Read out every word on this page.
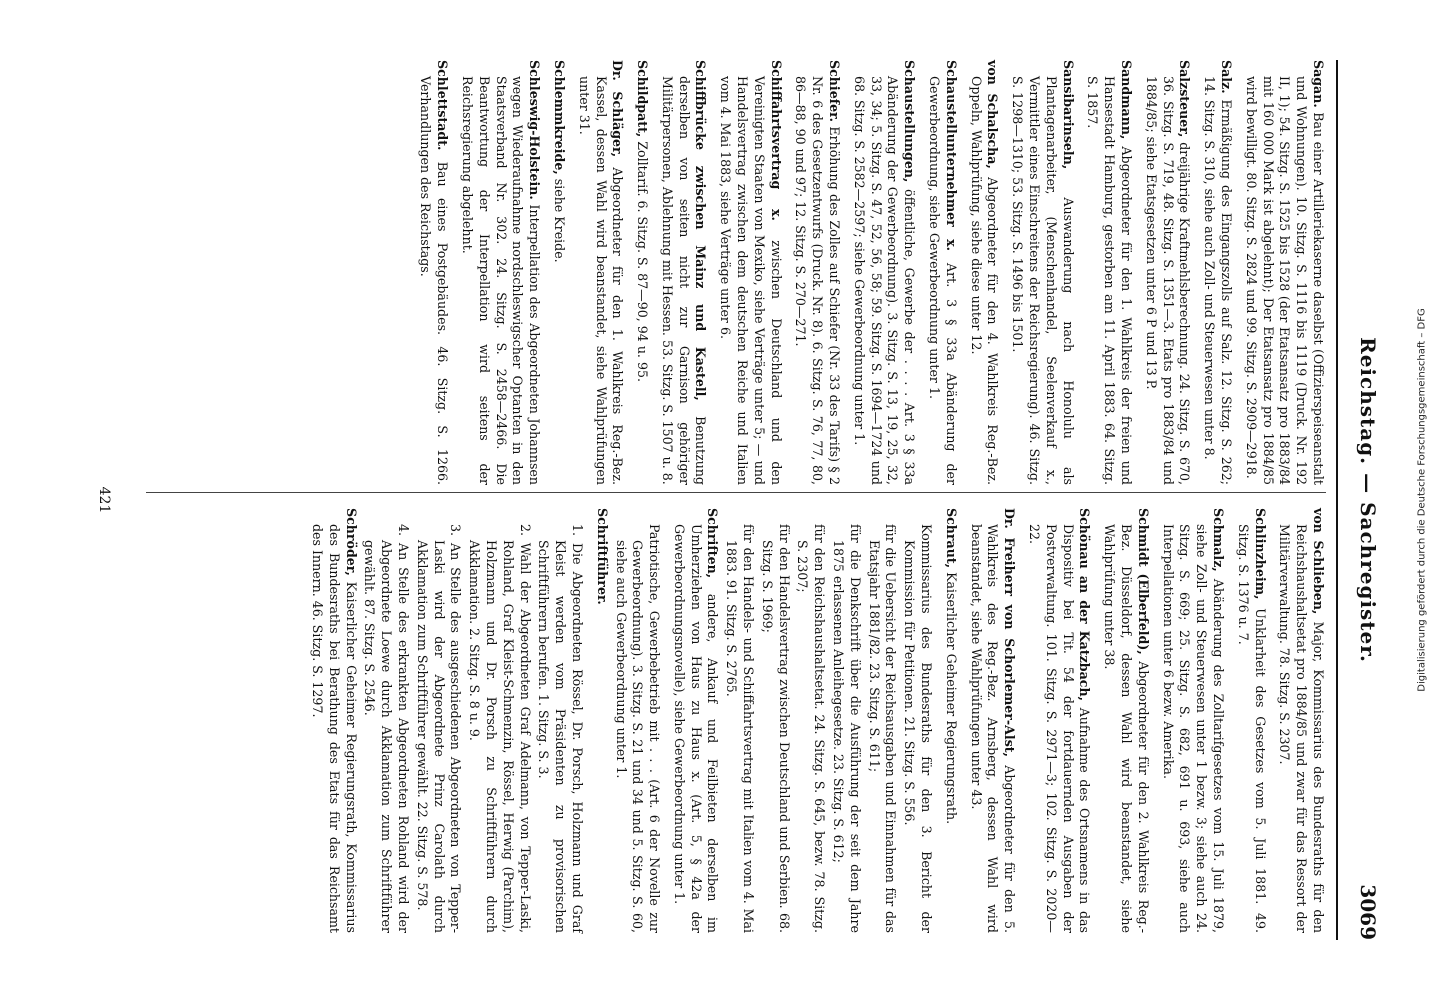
Reichstag. — Sachregister.
3069
Sagan. Bau einer Artilleriekaserne daselbst (Offizierspeiseanstalt und Wohnungen). 10. Sitzg. S. 1116 bis 1119 (Druck. Nr. 192 II, 1); 54. Sitzg. S. 1525 bis 1528 (der Etatsansatz pro 1883/84 mit 160 000 Mark ist abgelehnt); Der Etatsansatz pro 1884/85 wird bewilligt. 80. Sitzg. S. 2824 und 99. Sitzg. S. 2909—2918.
Salz. Ermäßigung des Eingangszolls auf Salz. 12. Sitzg. S. 262; 14. Sitzg. S. 310, siehe auch Zoll- und Steuerwesen unter 8.
Salzsteuer, dreijährige Kraftmehlsberechnung. 24. Sitzg. S. 670, 36. Sitzg. S. 719, 48. Sitzg. S. 1351—3. Etats pro 1883/84 und 1884/85; siehe Etatsgesetzen unter 6 P und 13 P.
Sandmann, Abgeordneter für den 1. Wahlkreis der freien und Hansestadt Hamburg, gestorben am 11. April 1883. 64. Sitzg. S. 1857.
Sansibarinseln, Auswanderung nach Honolulu als Plantagenarbeiter, (Menschenhandel, Seelenverkauf x., Vermittler eines Einschreitens der Reichsregierung). 46. Sitzg. S. 1298—1310; 53. Sitzg. S. 1496 bis 1501.
von Schalscha, Abgeordneter für den 4. Wahlkreis Reg.-Bez. Oppeln, Wahlprüfung, siehe diese unter 12.
Schaustellunternehmer x. Art. 3 § 33a Abänderung der Gewerbeordnung, siehe Gewerbeordnung unter 1.
Schaustellungen, öffentliche, Gewerbe der . . . . Art. 3 § 33a Abänderung der Gewerbeordnung). 3. Sitzg. S. 13, 19, 25, 32, 33, 34; 5. Sitzg. S. 47, 52, 56, 58; 59. Sitzg. S. 1694—1724 und 68. Sitzg. S. 2582—2597; siehe Gewerbeordnung unter 1.
Schiefer. Erhöhung des Zolles auf Schiefer (Nr. 33 des Tarifs) § 2 Nr. 6 des Gesetzentwurfs (Druck. Nr. 8). 6. Sitzg. S. 76, 77, 80, 86—88, 90 und 97; 12. Sitzg. S. 270—271.
Schiffahrtsvertrag x. zwischen Deutschland und den Vereinigten Staaten von Mexiko, siehe Verträge unter 5; — und Handelsvertrag zwischen dem deutschen Reiche und Italien vom 4. Mai 1883, siehe Verträge unter 6.
Schiffbrücke zwischen Mainz und Kastell, Benutzung derselben von seiten nicht zur Garnison gehöriger Militärpersonen, Ablehnung mit Hessen. 53. Sitzg. S. 1507 u. 8.
Schildpatt, Zolltarif. 6. Sitzg. S. 87—90, 94 u. 95.
Dr. Schläger, Abgeordneter für den 1. Wahlkreis Reg.-Bez. Kassel, dessen Wahl wird beanstandet, siehe Wahlprüfungen unter 31.
Schlemmkreide, siehe Kreide.
Schleswig-Holstein. Interpellation des Abgeordneten Johannsen wegen Wiederaufnahme nordschleswigscher Optanten in den Staatsverband Nr. 302. 24. Sitzg. S. 2458—2466. Die Beantwortung der Interpellation wird seitens der Reichsregierung abgelehnt.
Schlettstadt. Bau eines Postgebäudes. 46. Sitzg. S. 1266. Verhandlungen des Reichstags.
von Schlieben, Major, Kommissarius des Bundesraths für den Reichshaushaltsetat pro 1884/85 und zwar für das Ressort der Militärverwaltung. 78. Sitzg. S. 2307.
Schlinzheim, Unklarheit des Gesetzes vom 5. Juli 1881. 49. Sitzg. S. 1376 u. 7.
Schmalz, Abänderung des Zolltarifgesetzes vom 15. Juli 1879, siehe Zoll- und Steuerwesen unter 1 bezw. 3; siehe auch 24. Sitzg. S. 669; 25. Sitzg. S. 682, 691 u. 693, siehe auch Interpellationen unter 6 bezw. Amerika.
Schmidt (Elberfeld), Abgeordneter für den 2. Wahlkreis Reg.-Bez. Düsseldorf, dessen Wahl wird beanstandet, siehe Wahlprüfung unter 38.
Schönau an der Katzbach, Aufnahme des Ortsnamens in das Dispositiv bei Tit. 54 der fortdauernden Ausgaben der Postverwaltung. 101. Sitzg. S. 2971—3; 102. Sitzg. S. 2020—22.
Dr. Freiherr von Schorlemer-Alst, Abgeordneter für den 5. Wahlkreis des Reg.-Bez. Arnsberg, dessen Wahl wird beanstandet, siehe Wahlprüfungen unter 43.
Schraut, Kaiserlicher Geheimer Regierungsrath.
Kommissarius des Bundesraths für den 3. Bericht der Kommission für Petitionen. 21. Sitzg. S. 556.
für die Uebersicht der Reichsausgaben und Einnahmen für das Etatsjahr 1881/82. 23. Sitzg. S. 611;
für die Denkschrift über die Ausführung der seit dem Jahre 1875 erlassenen Anleihegesetze. 23. Sitzg. S. 612;
für den Reichshaushaltsetat. 24. Sitzg. S. 645, bezw. 78. Sitzg. S. 2307;
für den Handelsvertrag zwischen Deutschland und Serbien. 68. Sitzg. S. 1969;
für den Handels- und Schiffahrtsvertrag mit Italien vom 4. Mai 1883. 91. Sitzg. S. 2765.
Schriften, andere, Ankauf und Feilbieten derselben im Umherziehen von Haus zu Haus x. (Art. 5, § 42a der Gewerbeordnungsnovelle), siehe Gewerbeordnung unter 1.
Patriotische, Gewerbebetrieb mit . . . (Art. 6 der Novelle zur Gewerbeordnung). 3. Sitzg. S. 21 und 34 und 5. Sitzg. S. 60, siehe auch Gewerbeordnung unter 1.
Schriftführer.
1. Die Abgeordneten Rössel, Dr. Porsch, Holzmann und Graf Kleist werden vom Präsidenten zu provisorischen Schriftführern berufen. 1. Sitzg. S. 3.
2. Wahl der Abgeordneten Graf Adelmann, von Tepper-Laski, Rohland, Graf Kleist-Schmenzin, Rössel, Herwig (Parchim), Holzmann und Dr. Porsch zu Schriftführern durch Akklamation. 2. Sitzg. S. 8 u. 9.
3. An Stelle des ausgeschiedenen Abgeordneten von Tepper-Laski wird der Abgeordnete Prinz Carolath durch Akklamation zum Schriftführer gewählt. 22. Sitzg. S. 578.
4. An Stelle des erkrankten Abgeordneten Rohland wird der Abgeordnete Loewe durch Akklamation zum Schriftführer gewählt. 87. Sitzg. S. 2546.
Schröder, Kaiserlicher Geheimer Regierungsrath, Kommissarius des Bundesraths bei Berathung des Etats für das Reichsamt des Innern. 46. Sitzg. S. 1297.
421	Digitalisierung gefördert durch die Deutsche Forschungsgemeinschaft – DFG
